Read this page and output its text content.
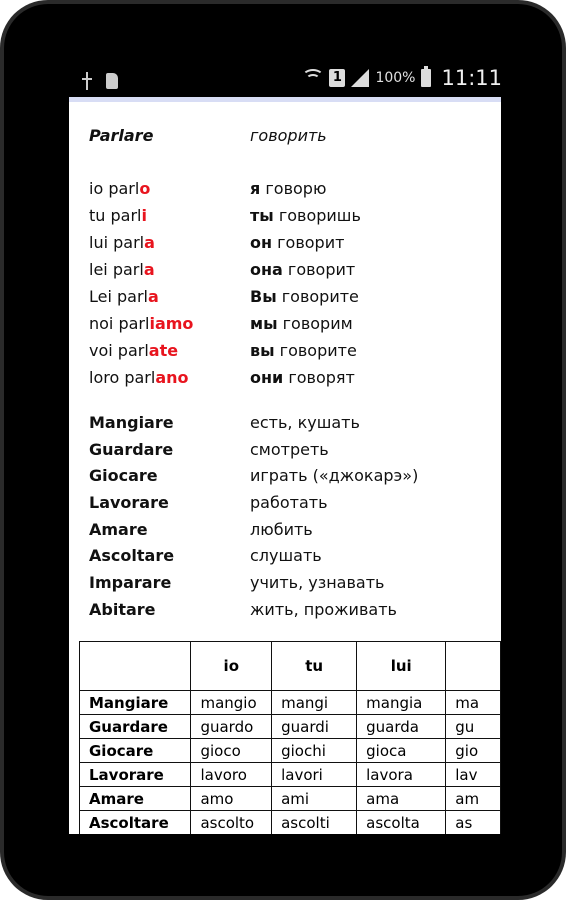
1 100% 11:11
Parlare	говорить
io parlo	я говорю
tu parli	ты говоришь
lui parla	он говорит
lei parla	она говорит
Lei parla	Вы говорите
noi parliamo	мы говорим
voi parlate	вы говорите
loro parlano	они говорят
Mangiare	есть, кушать
Guardare	смотреть
Giocare	играть («джокарэ»)
Lavorare	работать
Amare	любить
Ascoltare	слушать
Imparare	учить, узнавать
Abitare	жить, проживать
	io	tu	lui	
Mangiare	mangio	mangi	mangia	ma
Guardare	guardo	guardi	guarda	gu
Giocare	gioco	giochi	gioca	gio
Lavorare	lavoro	lavori	lavora	lav
Amare	amo	ami	ama	am
Ascoltare	ascolto	ascolti	ascolta	as
